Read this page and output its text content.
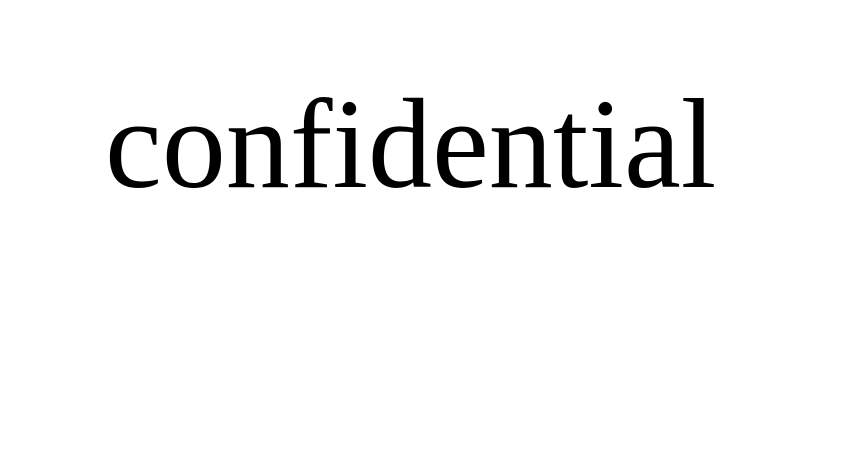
confidential
